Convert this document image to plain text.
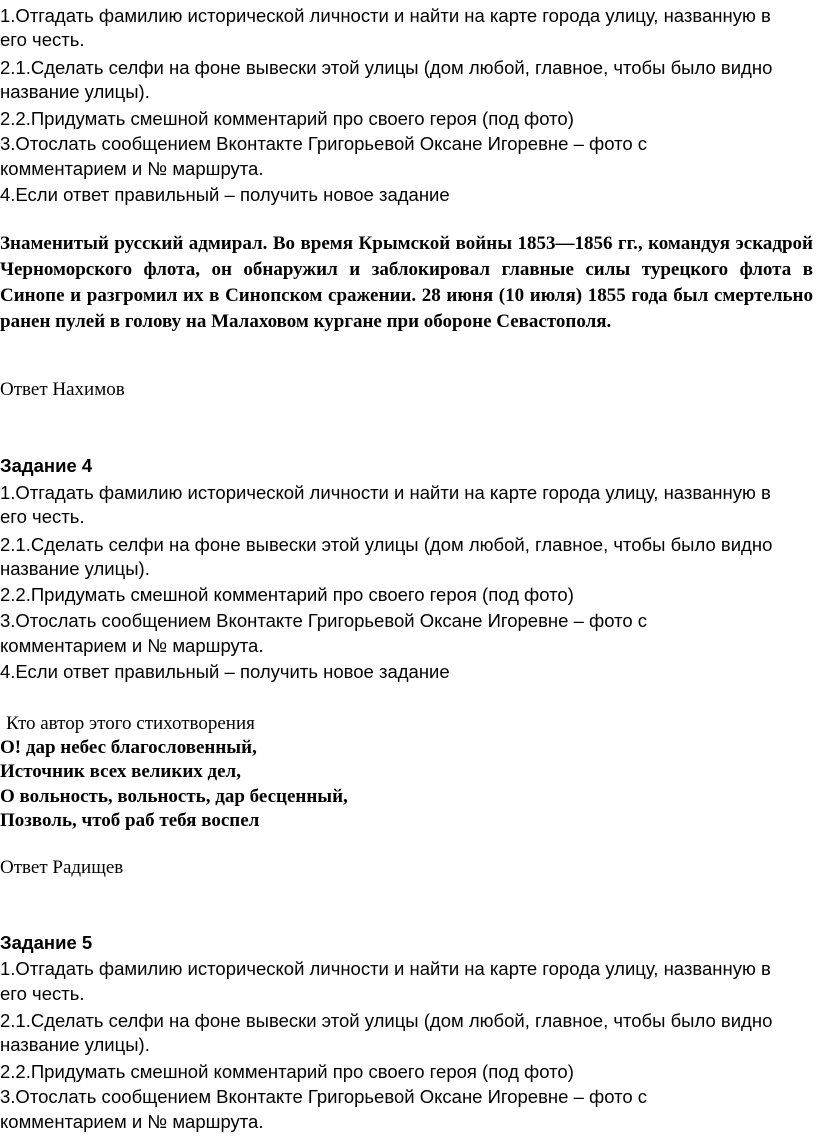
1.Отгадать фамилию исторической личности и найти на карте города улицу, названную в
его честь.
2.1.Сделать селфи на фоне вывески этой улицы (дом любой, главное, чтобы было видно
название улицы).
2.2.Придумать смешной комментарий про своего героя (под фото)
3.Отослать сообщением Вконтакте Григорьевой Оксане Игоревне – фото с
комментарием и № маршрута.
4.Если ответ правильный – получить новое задание
Знаменитый русский адмирал. Во время Крымской войны 1853—1856 гг., командуя эскадрой Черноморского флота, он обнаружил и заблокировал главные силы турецкого флота в Синопе и разгромил их в Синопском сражении. 28 июня (10 июля) 1855 года был смертельно ранен пулей в голову на Малаховом кургане при обороне Севастополя.
Ответ Нахимов
Задание 4
1.Отгадать фамилию исторической личности и найти на карте города улицу, названную в
его честь.
2.1.Сделать селфи на фоне вывески этой улицы (дом любой, главное, чтобы было видно
название улицы).
2.2.Придумать смешной комментарий про своего героя (под фото)
3.Отослать сообщением Вконтакте Григорьевой Оксане Игоревне – фото с
комментарием и № маршрута.
4.Если ответ правильный – получить новое задание
Кто автор этого стихотворения
О! дар небес благословенный,
Источник всех великих дел,
О вольность, вольность, дар бесценный,
Позволь, чтоб раб тебя воспел
Ответ Радищев
Задание 5
1.Отгадать фамилию исторической личности и найти на карте города улицу, названную в
его честь.
2.1.Сделать селфи на фоне вывески этой улицы (дом любой, главное, чтобы было видно
название улицы).
2.2.Придумать смешной комментарий про своего героя (под фото)
3.Отослать сообщением Вконтакте Григорьевой Оксане Игоревне – фото с
комментарием и № маршрута.
